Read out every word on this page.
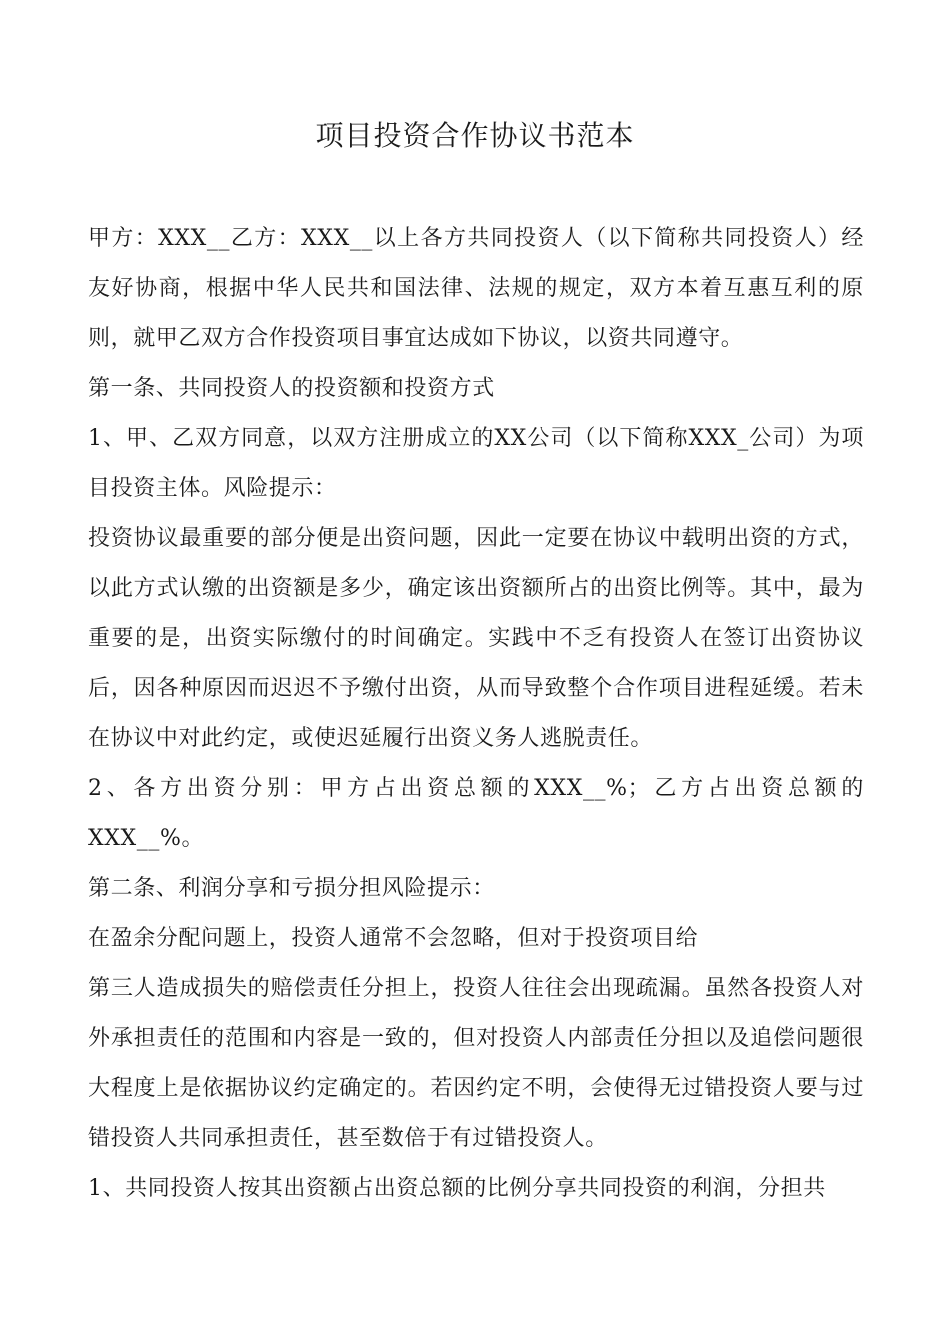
项目投资合作协议书范本

甲方：XXX__乙方：XXX__以上各方共同投资人（以下简称共同投资人）经友好协商，根据中华人民共和国法律、法规的规定，双方本着互惠互利的原则，就甲乙双方合作投资项目事宜达成如下协议，以资共同遵守。

第一条、共同投资人的投资额和投资方式

1、甲、乙双方同意，以双方注册成立的XX公司（以下简称XXX_公司）为项目投资主体。风险提示：

投资协议最重要的部分便是出资问题，因此一定要在协议中载明出资的方式，以此方式认缴的出资额是多少，确定该出资额所占的出资比例等。其中，最为重要的是，出资实际缴付的时间确定。实践中不乏有投资人在签订出资协议后，因各种原因而迟迟不予缴付出资，从而导致整个合作项目进程延缓。若未在协议中对此约定，或使迟延履行出资义务人逃脱责任。

2、各方出资分别：甲方占出资总额的XXX__%；乙方占出资总额的XXX__%。

第二条、利润分享和亏损分担风险提示：

在盈余分配问题上，投资人通常不会忽略，但对于投资项目给

第三人造成损失的赔偿责任分担上，投资人往往会出现疏漏。虽然各投资人对外承担责任的范围和内容是一致的，但对投资人内部责任分担以及追偿问题很大程度上是依据协议约定确定的。若因约定不明，会使得无过错投资人要与过错投资人共同承担责任，甚至数倍于有过错投资人。

1、共同投资人按其出资额占出资总额的比例分享共同投资的利润，分担共
